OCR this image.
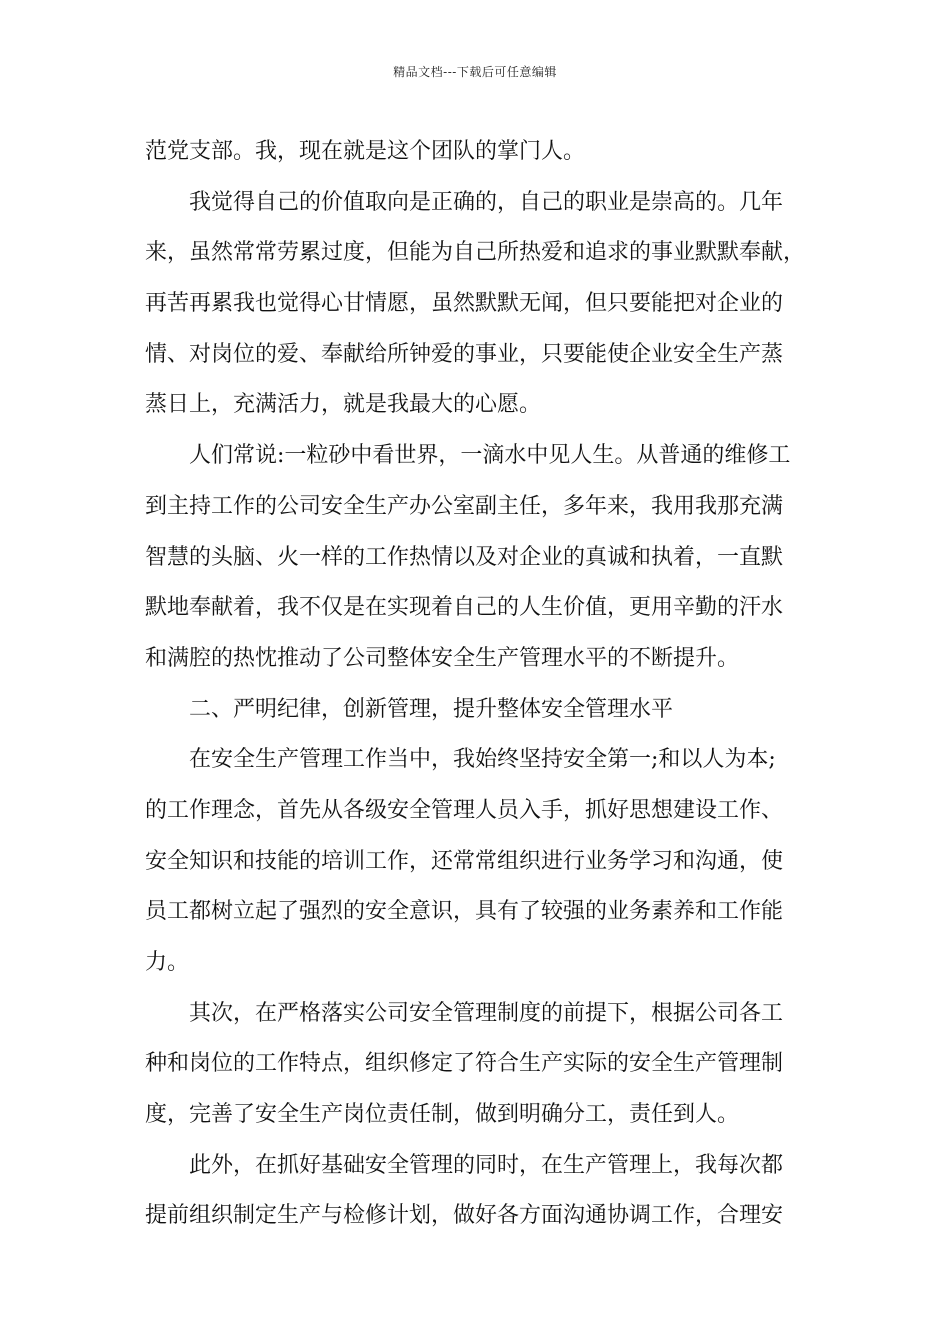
精品文档---下载后可任意编辑
范党支部。我，现在就是这个团队的掌门人。
我觉得自己的价值取向是正确的，自己的职业是崇高的。几年
来，虽然常常劳累过度，但能为自己所热爱和追求的事业默默奉献，
再苦再累我也觉得心甘情愿，虽然默默无闻，但只要能把对企业的
情、对岗位的爱、奉献给所钟爱的事业，只要能使企业安全生产蒸
蒸日上，充满活力，就是我最大的心愿。
人们常说:一粒砂中看世界，一滴水中见人生。从普通的维修工
到主持工作的公司安全生产办公室副主任，多年来，我用我那充满
智慧的头脑、火一样的工作热情以及对企业的真诚和执着，一直默
默地奉献着，我不仅是在实现着自己的人生价值，更用辛勤的汗水
和满腔的热忱推动了公司整体安全生产管理水平的不断提升。
二、严明纪律，创新管理，提升整体安全管理水平
在安全生产管理工作当中，我始终坚持安全第一;和以人为本;
的工作理念，首先从各级安全管理人员入手，抓好思想建设工作、
安全知识和技能的培训工作，还常常组织进行业务学习和沟通，使
员工都树立起了强烈的安全意识，具有了较强的业务素养和工作能
力。
其次，在严格落实公司安全管理制度的前提下，根据公司各工
种和岗位的工作特点，组织修定了符合生产实际的安全生产管理制
度，完善了安全生产岗位责任制，做到明确分工，责任到人。
此外，在抓好基础安全管理的同时，在生产管理上，我每次都
提前组织制定生产与检修计划，做好各方面沟通协调工作，合理安
